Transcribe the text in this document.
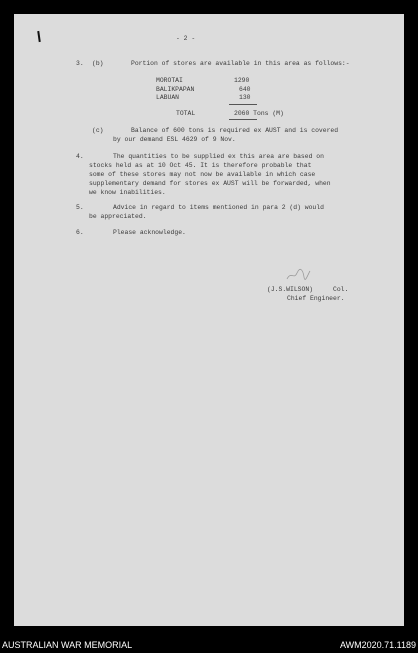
- 2 -
3. (b)	Portion of stores are available in this area as follows:-
MOROTAI	1290
BALIKPAPAN	640
LABUAN	130
TOTAL	2060 Tons (M)
(c)	Balance of 600 tons is required ex AUST and is covered
by our demand ESL 4629 of 9 Nov.
4.	The quantities to be supplied ex this area are based on
stocks held as at 10 Oct 45. It is therefore probable that
some of these stores may not now be available in which case
supplementary demand for stores ex AUST will be forwarded, when
we know inabilities.
5.	Advice in regard to items mentioned in para 2 (d) would
be appreciated.
6.	Please acknowledge.
(J.S.WILSON)	Col.
Chief Engineer.
AUSTRALIAN WAR MEMORIAL	AWM2020.71.1189
